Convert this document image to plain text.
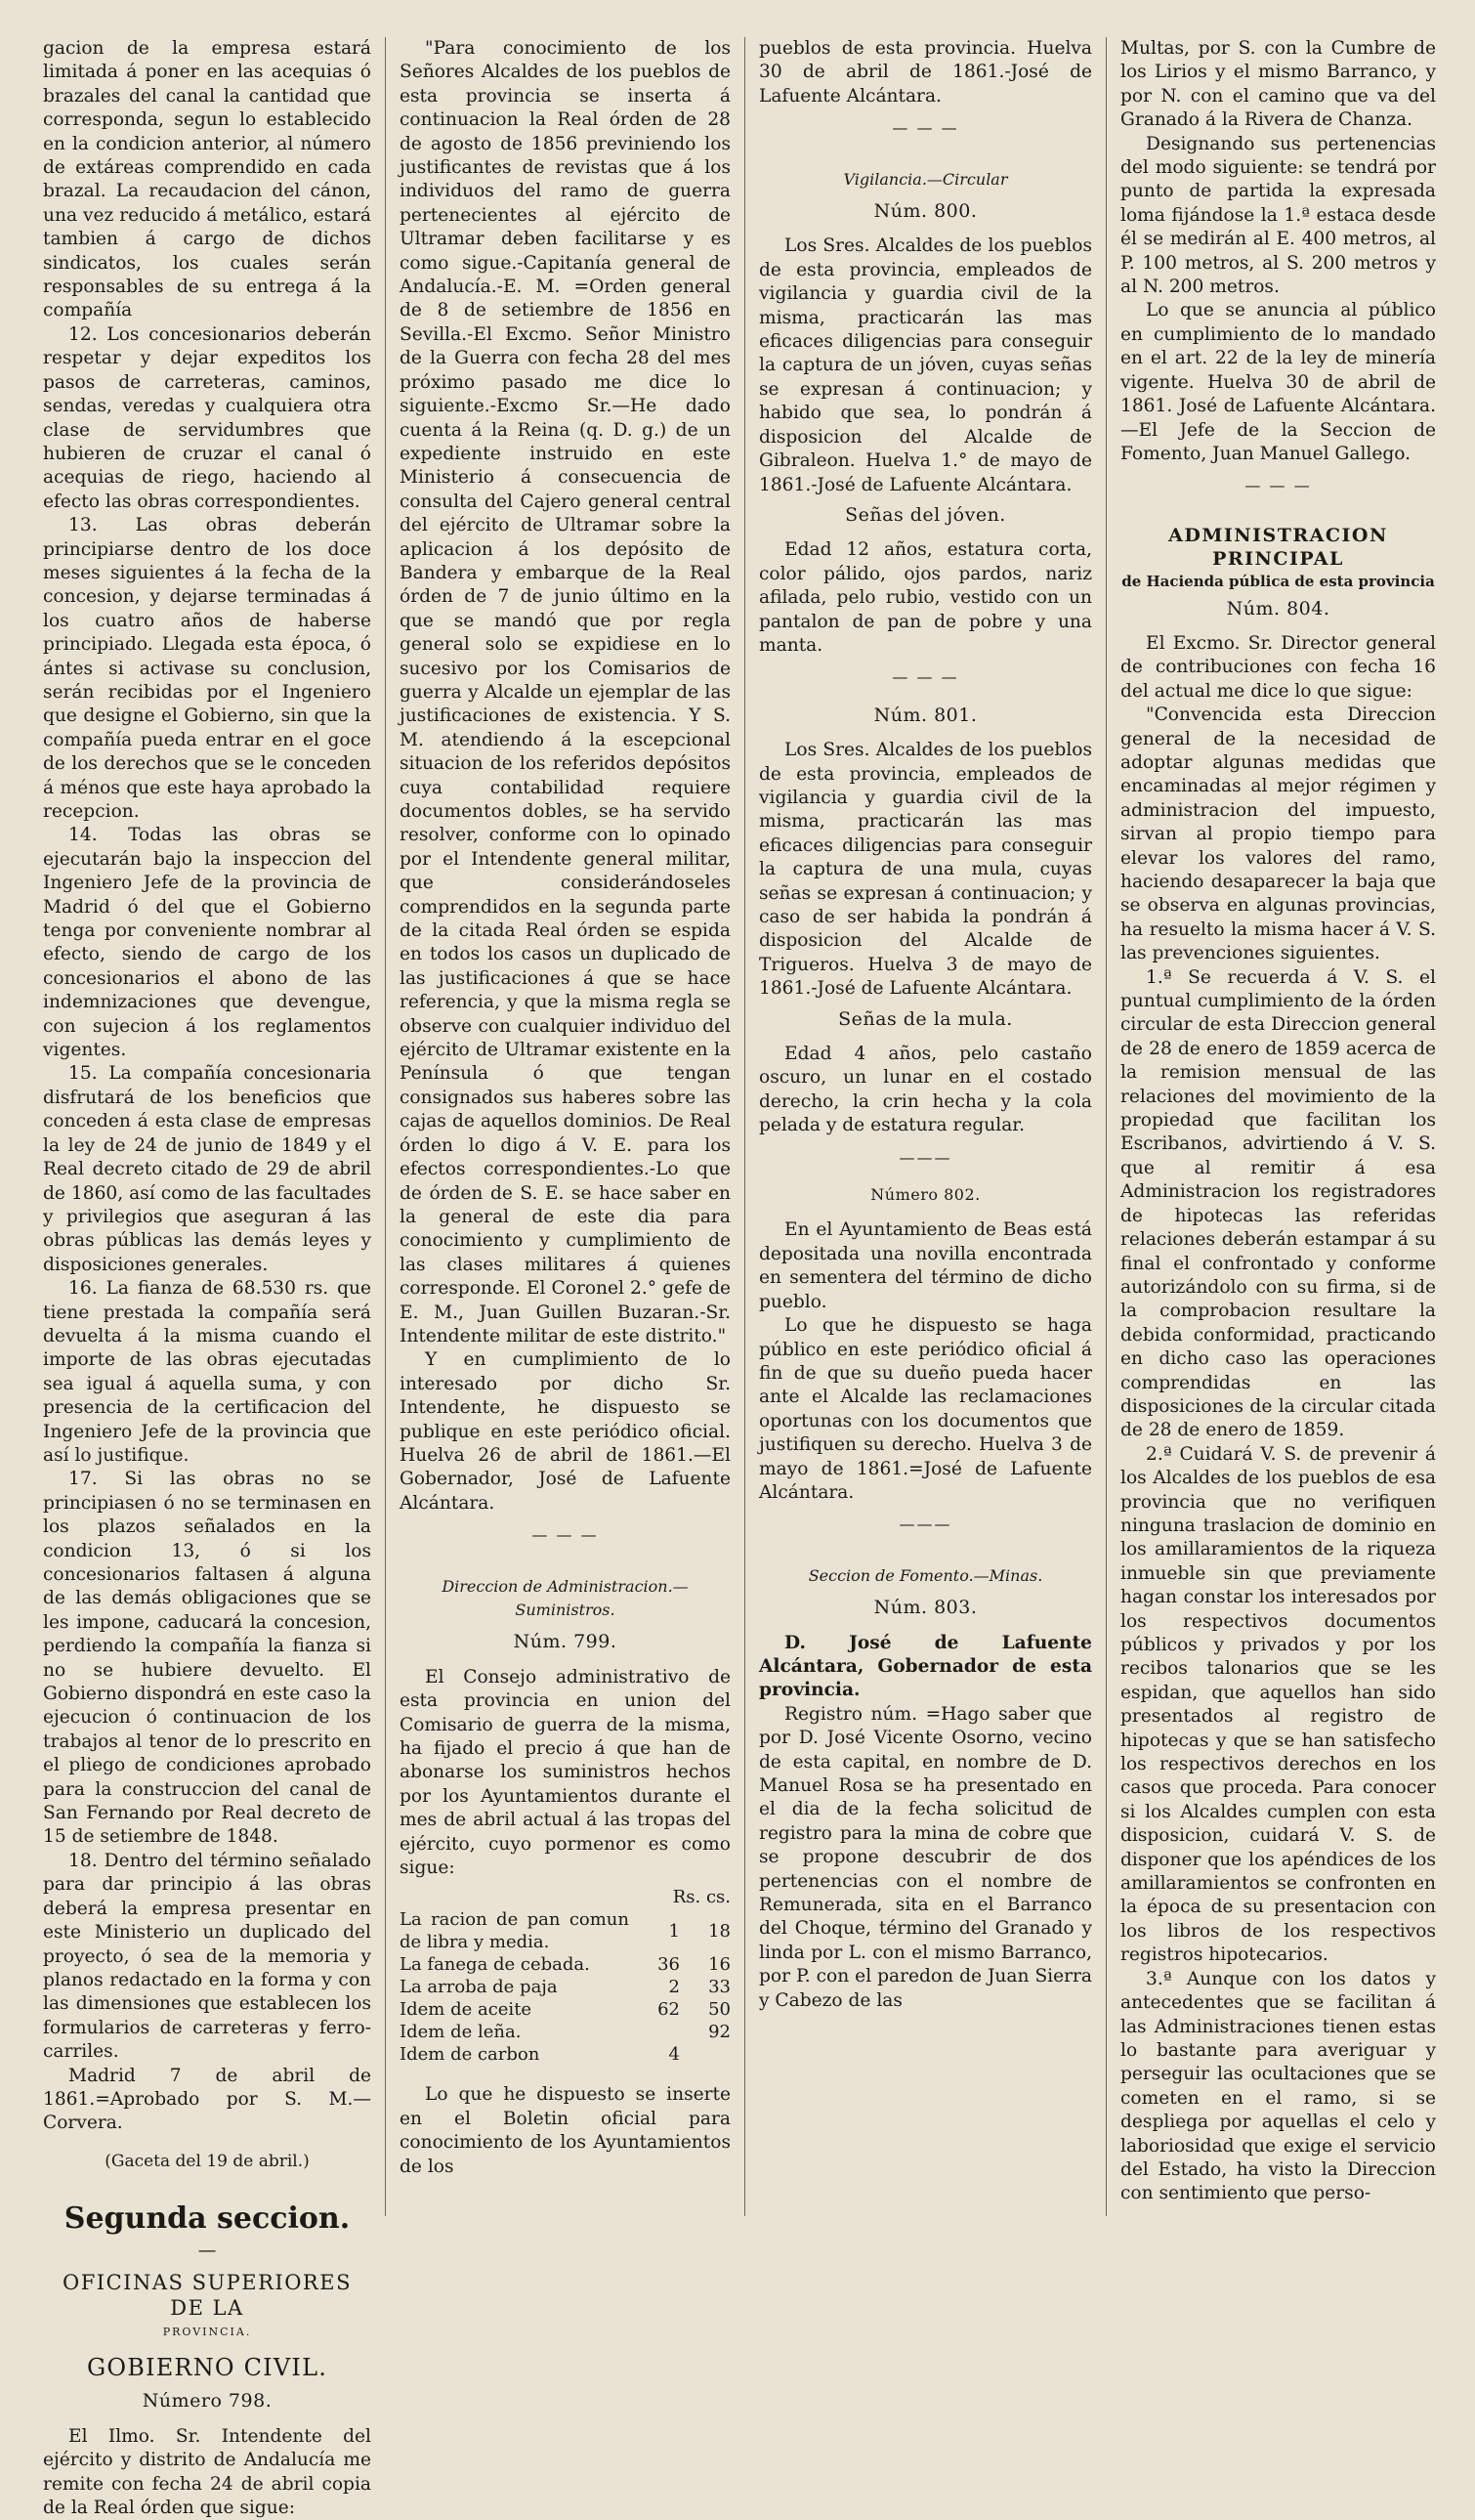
gacion de la empresa estará limitada á poner en las acequias ó brazales del canal la cantidad que corresponda, segun lo establecido en la condicion anterior, al número de extáreas comprendido en cada brazal. La recaudacion del cánon, una vez reducido á metálico, estará tambien á cargo de dichos sindicatos, los cuales serán responsables de su entrega á la compañía

12. Los concesionarios deberán respetar y dejar expeditos los pasos de carreteras, caminos, sendas, veredas y cualquiera otra clase de servidumbres que hubieren de cruzar el canal ó acequias de riego, haciendo al efecto las obras correspondientes.

13. Las obras deberán principiarse dentro de los doce meses siguientes á la fecha de la concesion, y dejarse terminadas á los cuatro años de haberse principiado. Llegada esta época, ó ántes si activase su conclusion, serán recibidas por el Ingeniero que designe el Gobierno, sin que la compañía pueda entrar en el goce de los derechos que se le conceden á ménos que este haya aprobado la recepcion.

14. Todas las obras se ejecutarán bajo la inspeccion del Ingeniero Jefe de la provincia de Madrid ó del que el Gobierno tenga por conveniente nombrar al efecto, siendo de cargo de los concesionarios el abono de las indemnizaciones que devengue, con sujecion á los reglamentos vigentes.

15. La compañía concesionaria disfrutará de los beneficios que conceden á esta clase de empresas la ley de 24 de junio de 1849 y el Real decreto citado de 29 de abril de 1860, así como de las facultades y privilegios que aseguran á las obras públicas las demás leyes y disposiciones generales.

16. La fianza de 68.530 rs. que tiene prestada la compañía será devuelta á la misma cuando el importe de las obras ejecutadas sea igual á aquella suma, y con presencia de la certificacion del Ingeniero Jefe de la provincia que así lo justifique.

17. Si las obras no se principiasen ó no se terminasen en los plazos señalados en la condicion 13, ó si los concesionarios faltasen á alguna de las demás obligaciones que se les impone, caducará la concesion, perdiendo la compañía la fianza si no se hubiere devuelto. El Gobierno dispondrá en este caso la ejecucion ó continuacion de los trabajos al tenor de lo prescrito en el pliego de condiciones aprobado para la construccion del canal de San Fernando por Real decreto de 15 de setiembre de 1848.

18. Dentro del término señalado para dar principio á las obras deberá la empresa presentar en este Ministerio un duplicado del proyecto, ó sea de la memoria y planos redactado en la forma y con las dimensiones que establecen los formularios de carreteras y ferro-carriles.

Madrid 7 de abril de 1861.=Aprobado por S. M.—Corvera.

(Gaceta del 19 de abril.)

Segunda seccion.
—
OFICINAS SUPERIORES DE LA
PROVINCIA.
GOBIERNO CIVIL.
Número 798.

El Ilmo. Sr. Intendente del ejército y distrito de Andalucía me remite con fecha 24 de abril copia de la Real órden que sigue:

"Para conocimiento de los Señores Alcaldes de los pueblos de esta provincia se inserta á continuacion la Real órden de 28 de agosto de 1856 previniendo los justificantes de revistas que á los individuos del ramo de guerra pertenecientes al ejército de Ultramar deben facilitarse y es como sigue.-Capitanía general de Andalucía.-E. M. =Orden general de 8 de setiembre de 1856 en Sevilla.-El Excmo. Señor Ministro de la Guerra con fecha 28 del mes próximo pasado me dice lo siguiente.-Excmo Sr.—He dado cuenta á la Reina (q. D. g.) de un expediente instruido en este Ministerio á consecuencia de consulta del Cajero general central del ejército de Ultramar sobre la aplicacion á los depósito de Bandera y embarque de la Real órden de 7 de junio último en la que se mandó que por regla general solo se expidiese en lo sucesivo por los Comisarios de guerra y Alcalde un ejemplar de las justificaciones de existencia. Y S. M. atendiendo á la escepcional situacion de los referidos depósitos cuya contabilidad requiere documentos dobles, se ha servido resolver, conforme con lo opinado por el Intendente general militar, que considerándoseles comprendidos en la segunda parte de la citada Real órden se espida en todos los casos un duplicado de las justificaciones á que se hace referencia, y que la misma regla se observe con cualquier individuo del ejército de Ultramar existente en la Península ó que tengan consignados sus haberes sobre las cajas de aquellos dominios. De Real órden lo digo á V. E. para los efectos correspondientes.-Lo que de órden de S. E. se hace saber en la general de este dia para conocimiento y cumplimiento de las clases militares á quienes corresponde. El Coronel 2.° gefe de E. M., Juan Guillen Buzaran.-Sr. Intendente militar de este distrito."

Y en cumplimiento de lo interesado por dicho Sr. Intendente, he dispuesto se publique en este periódico oficial. Huelva 26 de abril de 1861.—El Gobernador, José de Lafuente Alcántara.

— — —
Direccion de Administracion.—Suministros.
Núm. 799.

El Consejo administrativo de esta provincia en union del Comisario de guerra de la misma, ha fijado el precio á que han de abonarse los suministros hechos por los Ayuntamientos durante el mes de abril actual á las tropas del ejército, cuyo pormenor es como sigue:

	Rs. cs.	
La racion de pan comun de libra y media.	1	18
La fanega de cebada.	36	16
La arroba de paja	2	33
Idem de aceite	62	50
Idem de leña.		92
Idem de carbon	4	

Lo que he dispuesto se inserte en el Boletin oficial para conocimiento de los Ayuntamientos de los

pueblos de esta provincia. Huelva 30 de abril de 1861.-José de Lafuente Alcántara.

— — —
Vigilancia.—Circular
Núm. 800.

Los Sres. Alcaldes de los pueblos de esta provincia, empleados de vigilancia y guardia civil de la misma, practicarán las mas eficaces diligencias para conseguir la captura de un jóven, cuyas señas se expresan á continuacion; y habido que sea, lo pondrán á disposicion del Alcalde de Gibraleon. Huelva 1.° de mayo de 1861.-José de Lafuente Alcántara.

Señas del jóven.

Edad 12 años, estatura corta, color pálido, ojos pardos, nariz afilada, pelo rubio, vestido con un pantalon de pan de pobre y una manta.

— — —
Núm. 801.

Los Sres. Alcaldes de los pueblos de esta provincia, empleados de vigilancia y guardia civil de la misma, practicarán las mas eficaces diligencias para conseguir la captura de una mula, cuyas señas se expresan á continuacion; y caso de ser habida la pondrán á disposicion del Alcalde de Trigueros. Huelva 3 de mayo de 1861.-José de Lafuente Alcántara.

Señas de la mula.

Edad 4 años, pelo castaño oscuro, un lunar en el costado derecho, la crin hecha y la cola pelada y de estatura regular.

———
Número 802.

En el Ayuntamiento de Beas está depositada una novilla encontrada en sementera del término de dicho pueblo.

Lo que he dispuesto se haga público en este periódico oficial á fin de que su dueño pueda hacer ante el Alcalde las reclamaciones oportunas con los documentos que justifiquen su derecho. Huelva 3 de mayo de 1861.=José de Lafuente Alcántara.

———
Seccion de Fomento.—Minas.
Núm. 803.

D. José de Lafuente Alcántara, Gobernador de esta provincia.

Registro núm. =Hago saber que por D. José Vicente Osorno, vecino de esta capital, en nombre de D. Manuel Rosa se ha presentado en el dia de la fecha solicitud de registro para la mina de cobre que se propone descubrir de dos pertenencias con el nombre de Remunerada, sita en el Barranco del Choque, término del Granado y linda por L. con el mismo Barranco, por P. con el paredon de Juan Sierra y Cabezo de las

Multas, por S. con la Cumbre de los Lirios y el mismo Barranco, y por N. con el camino que va del Granado á la Rivera de Chanza.

Designando sus pertenencias del modo siguiente: se tendrá por punto de partida la expresada loma fijándose la 1.ª estaca desde él se medirán al E. 400 metros, al P. 100 metros, al S. 200 metros y al N. 200 metros.

Lo que se anuncia al público en cumplimiento de lo mandado en el art. 22 de la ley de minería vigente. Huelva 30 de abril de 1861. José de Lafuente Alcántara.—El Jefe de la Seccion de Fomento, Juan Manuel Gallego.

— — —
ADMINISTRACION PRINCIPAL
de Hacienda pública de esta provincia
Núm. 804.

El Excmo. Sr. Director general de contribuciones con fecha 16 del actual me dice lo que sigue:

"Convencida esta Direccion general de la necesidad de adoptar algunas medidas que encaminadas al mejor régimen y administracion del impuesto, sirvan al propio tiempo para elevar los valores del ramo, haciendo desaparecer la baja que se observa en algunas provincias, ha resuelto la misma hacer á V. S. las prevenciones siguientes.

1.ª Se recuerda á V. S. el puntual cumplimiento de la órden circular de esta Direccion general de 28 de enero de 1859 acerca de la remision mensual de las relaciones del movimiento de la propiedad que facilitan los Escribanos, advirtiendo á V. S. que al remitir á esa Administracion los registradores de hipotecas las referidas relaciones deberán estampar á su final el confrontado y conforme autorizándolo con su firma, si de la comprobacion resultare la debida conformidad, practicando en dicho caso las operaciones comprendidas en las disposiciones de la circular citada de 28 de enero de 1859.

2.ª Cuidará V. S. de prevenir á los Alcaldes de los pueblos de esa provincia que no verifiquen ninguna traslacion de dominio en los amillaramientos de la riqueza inmueble sin que previamente hagan constar los interesados por los respectivos documentos públicos y privados y por los recibos talonarios que se les espidan, que aquellos han sido presentados al registro de hipotecas y que se han satisfecho los respectivos derechos en los casos que proceda. Para conocer si los Alcaldes cumplen con esta disposicion, cuidará V. S. de disponer que los apéndices de los amillaramientos se confronten en la época de su presentacion con los libros de los respectivos registros hipotecarios.

3.ª Aunque con los datos y antecedentes que se facilitan á las Administraciones tienen estas lo bastante para averiguar y perseguir las ocultaciones que se cometen en el ramo, si se despliega por aquellas el celo y laboriosidad que exige el servicio del Estado, ha visto la Direccion con sentimiento que perso-
